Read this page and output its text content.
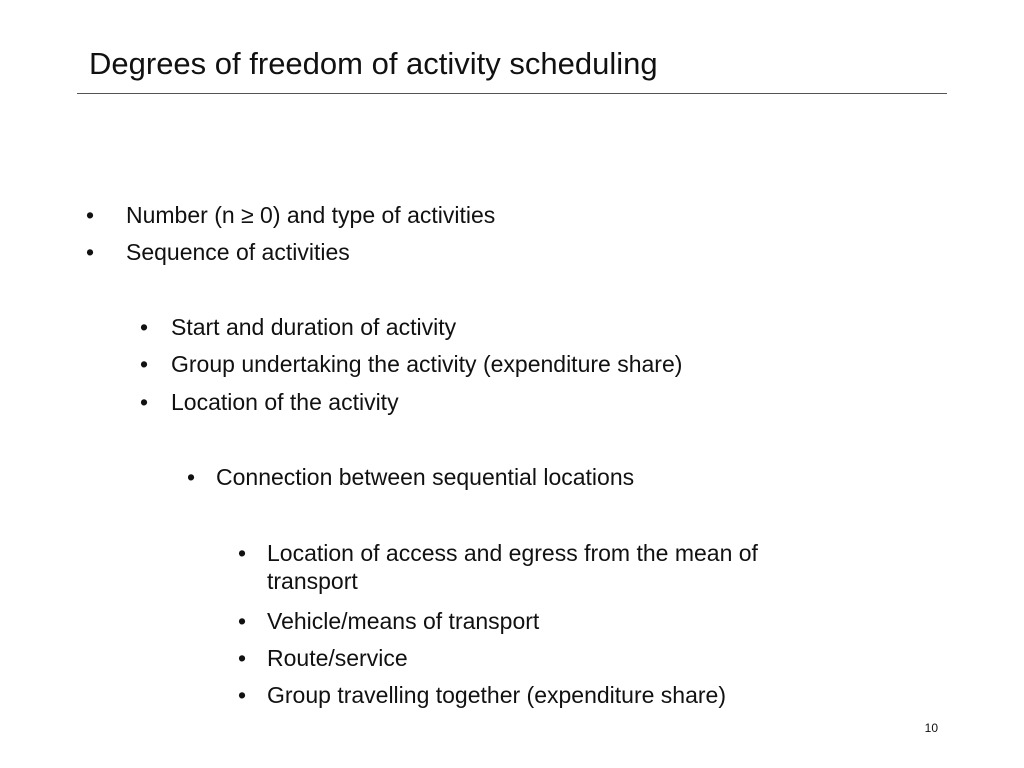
Degrees of freedom of activity scheduling
• Number (n ≥ 0) and type of activities
• Sequence of activities
• Start and duration of activity
• Group undertaking the activity (expenditure share)
• Location of the activity
• Connection between sequential locations
• Location of access and egress from the mean of
transport
• Vehicle/means of transport
• Route/service
• Group travelling together (expenditure share)
10
